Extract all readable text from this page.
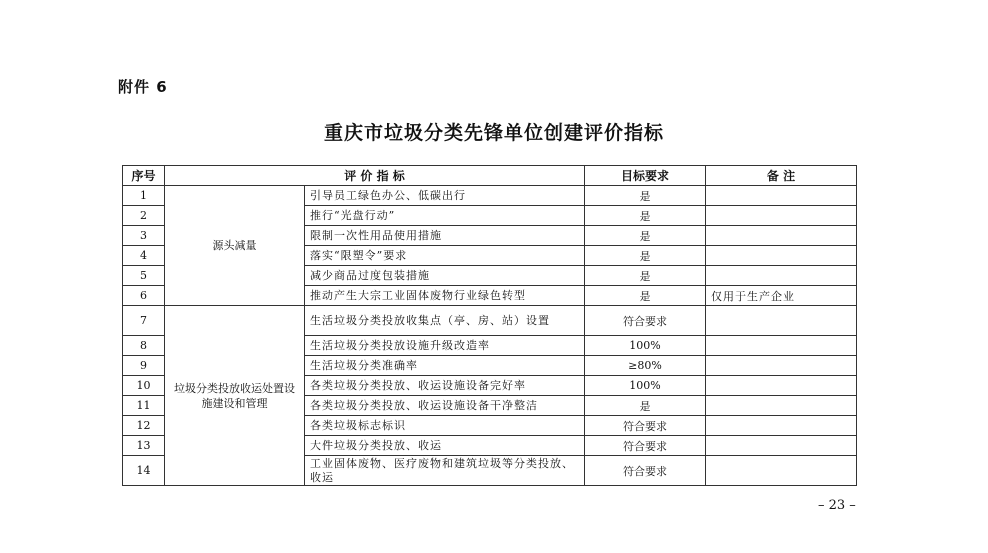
附件 6
重庆市垃圾分类先锋单位创建评价指标
序号	评 价 指 标		目标要求	备 注
1	源头减量	引导员工绿色办公、低碳出行	是	
2		推行“光盘行动”	是	
3		限制一次性用品使用措施	是	
4		落实“限塑令”要求	是	
5		减少商品过度包装措施	是	
6		推动产生大宗工业固体废物行业绿色转型	是	仅用于生产企业
7	垃圾分类投放收运处置设施建设和管理	生活垃圾分类投放收集点（亭、房、站）设置	符合要求	
8		生活垃圾分类投放设施升级改造率	100%	
9		生活垃圾分类准确率	≥80%	
10		各类垃圾分类投放、收运设施设备完好率	100%	
11		各类垃圾分类投放、收运设施设备干净整洁	是	
12		各类垃圾标志标识	符合要求	
13		大件垃圾分类投放、收运	符合要求	
14		工业固体废物、医疗废物和建筑垃圾等分类投放、收运	符合要求	
– 23 –
